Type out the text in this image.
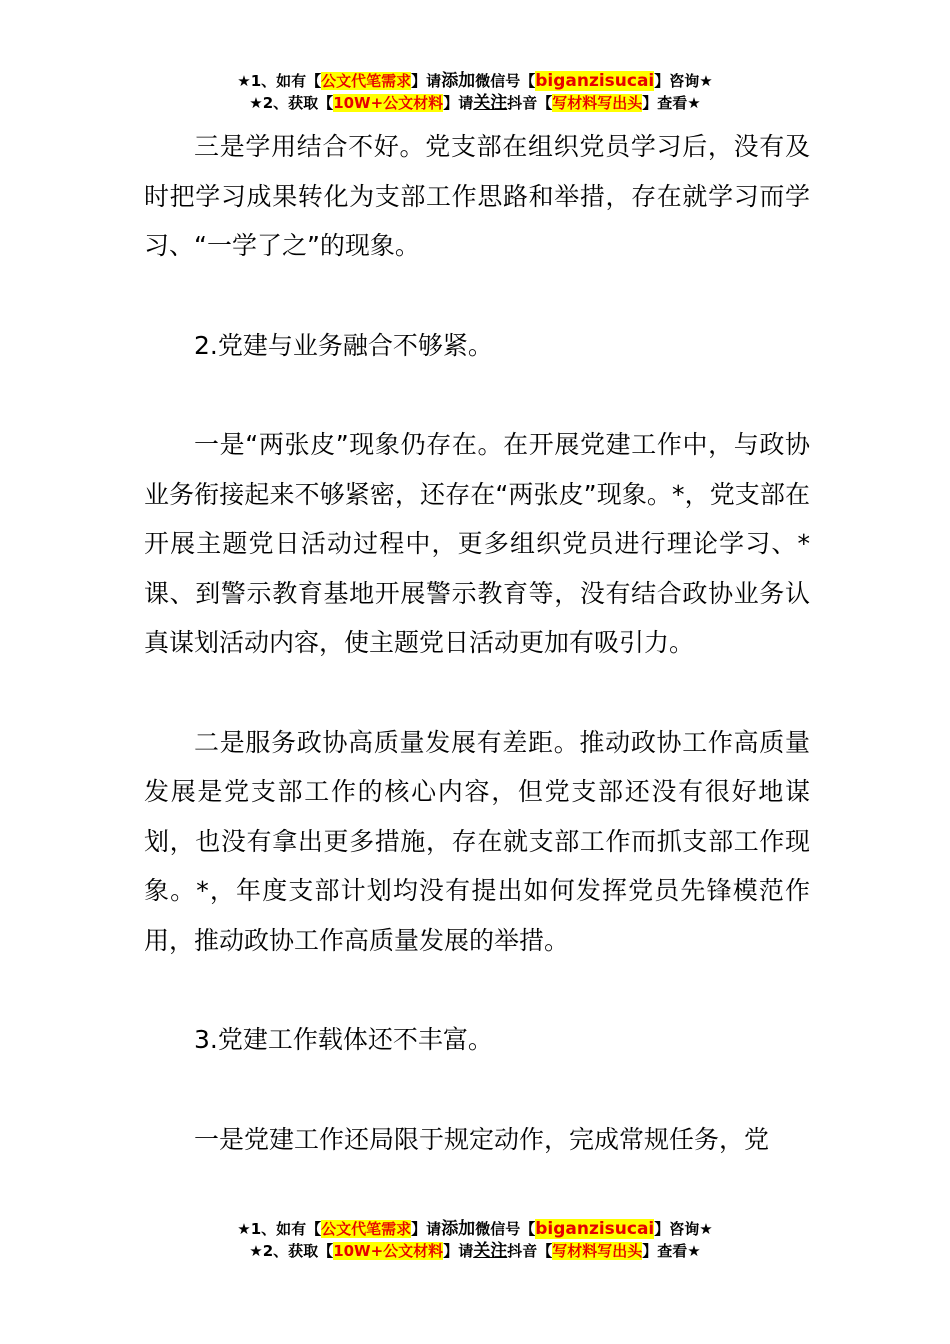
★1、如有【公文代笔需求】请添加微信号【biganzisucai】咨询★
★2、获取【10W+公文材料】请关注抖音【写材料写出头】查看★

三是学用结合不好。党支部在组织党员学习后，没有及时把学习成果转化为支部工作思路和举措，存在就学习而学习、“一学了之”的现象。

2.党建与业务融合不够紧。

一是“两张皮”现象仍存在。在开展党建工作中，与政协业务衔接起来不够紧密，还存在“两张皮”现象。*，党支部在开展主题党日活动过程中，更多组织党员进行理论学习、*课、到警示教育基地开展警示教育等，没有结合政协业务认真谋划活动内容，使主题党日活动更加有吸引力。

二是服务政协高质量发展有差距。推动政协工作高质量发展是党支部工作的核心内容，但党支部还没有很好地谋划，也没有拿出更多措施，存在就支部工作而抓支部工作现象。*，年度支部计划均没有提出如何发挥党员先锋模范作用，推动政协工作高质量发展的举措。

3.党建工作载体还不丰富。

一是党建工作还局限于规定动作，完成常规任务，党

★1、如有【公文代笔需求】请添加微信号【biganzisucai】咨询★
★2、获取【10W+公文材料】请关注抖音【写材料写出头】查看★
